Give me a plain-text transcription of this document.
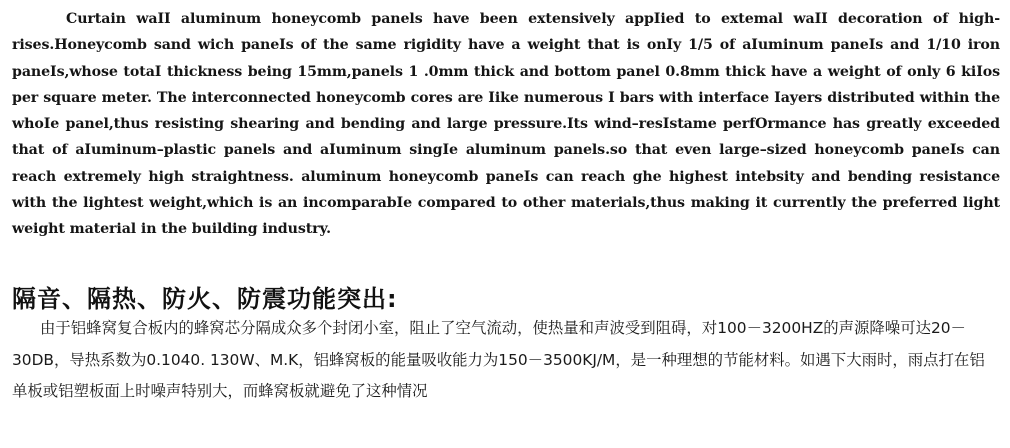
Curtain waII aluminum honeycomb panels have been extensively appIied to extemal waII decoration of high-rises.Honeycomb sand wich paneIs of the same rigidity have a weight that is onIy 1/5 of aIuminum paneIs and 1/10 iron paneIs,whose totaI thickness being 15mm,panels 1 .0mm thick and bottom panel 0.8mm thick have a weight of only 6 kiIos per square meter. The interconnected honeycomb cores are Iike numerous I bars with interface Iayers distributed within the whoIe panel,thus resisting shearing and bending and large pressure.Its wind–resIstame perfOrmance has greatly exceeded that of aIuminum–plastic panels and aIuminum singIe aluminum panels.so that even large–sized honeycomb paneIs can reach extremely high straightness. aluminum honeycomb paneIs can reach ghe highest intebsity and bending resistance with the lightest weight,which is an incomparabIe compared to other materials,thus making it currently the preferred light weight material in the building industry.

隔音、隔热、防火、防震功能突出:

由于铝蜂窝复合板内的蜂窝芯分隔成众多个封闭小室，阻止了空气流动，使热量和声波受到阻碍，对100－3200HZ的声源降噪可达20－30DB，导热系数为0.1040. 130W、M.K，铝蜂窝板的能量吸收能力为150－3500KJ/M，是一种理想的节能材料。如遇下大雨时，雨点打在铝单板或铝塑板面上时噪声特别大，而蜂窝板就避免了这种情况
